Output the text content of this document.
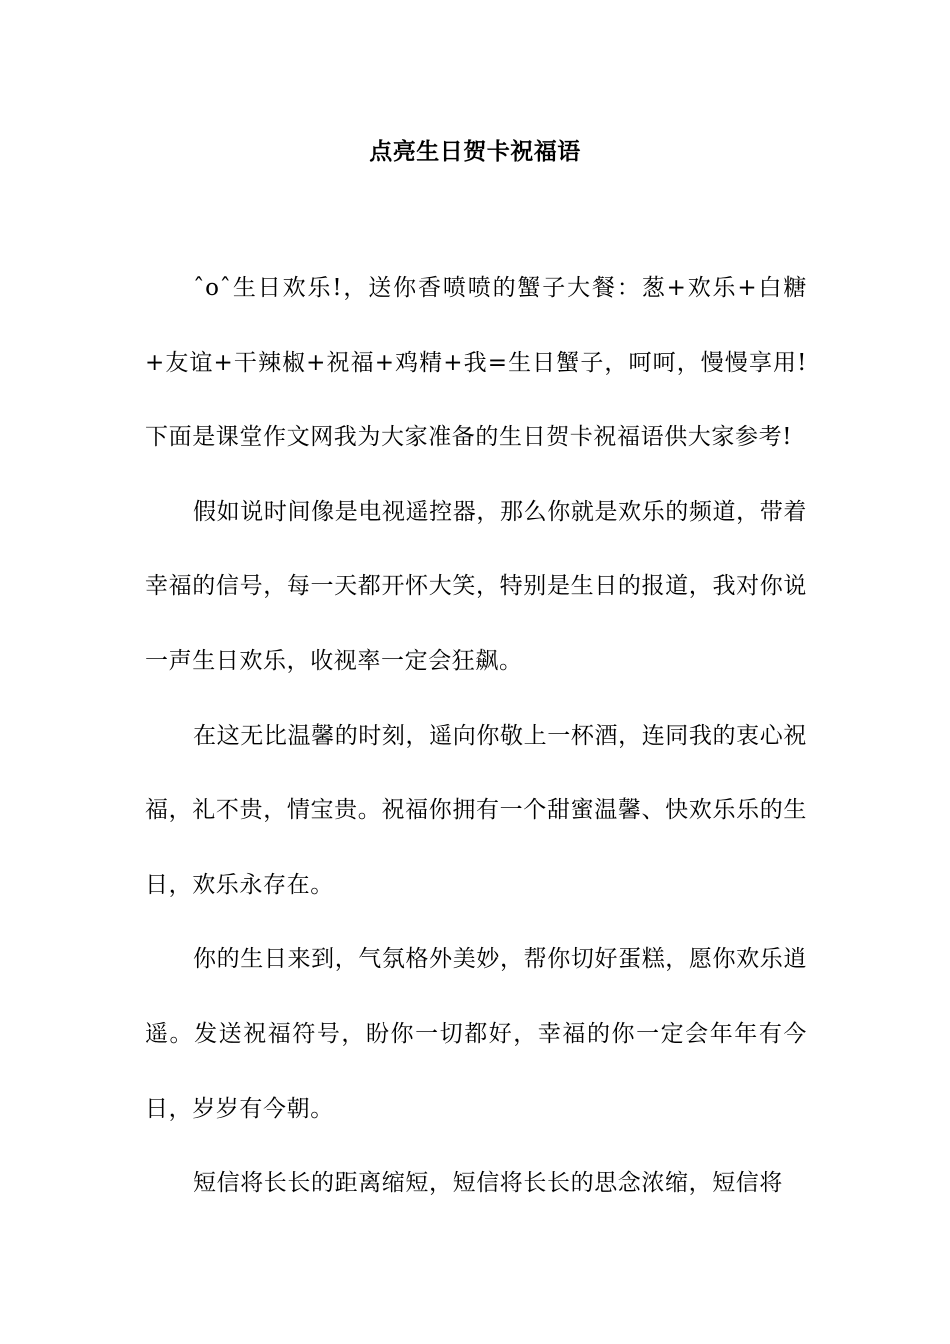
点亮生日贺卡祝福语

ˆoˆ生日欢乐!，送你香喷喷的蟹子大餐：葱+欢乐+白糖+友谊+干辣椒+祝福+鸡精+我=生日蟹子，呵呵，慢慢享用!下面是课堂作文网我为大家准备的生日贺卡祝福语供大家参考!

假如说时间像是电视遥控器，那么你就是欢乐的频道，带着幸福的信号，每一天都开怀大笑，特别是生日的报道，我对你说一声生日欢乐，收视率一定会狂飙。

在这无比温馨的时刻，遥向你敬上一杯酒，连同我的衷心祝福，礼不贵，情宝贵。祝福你拥有一个甜蜜温馨、快欢乐乐的生日，欢乐永存在。

你的生日来到，气氛格外美妙，帮你切好蛋糕，愿你欢乐逍遥。发送祝福符号，盼你一切都好，幸福的你一定会年年有今日，岁岁有今朝。

短信将长长的距离缩短，短信将长长的思念浓缩，短信将
